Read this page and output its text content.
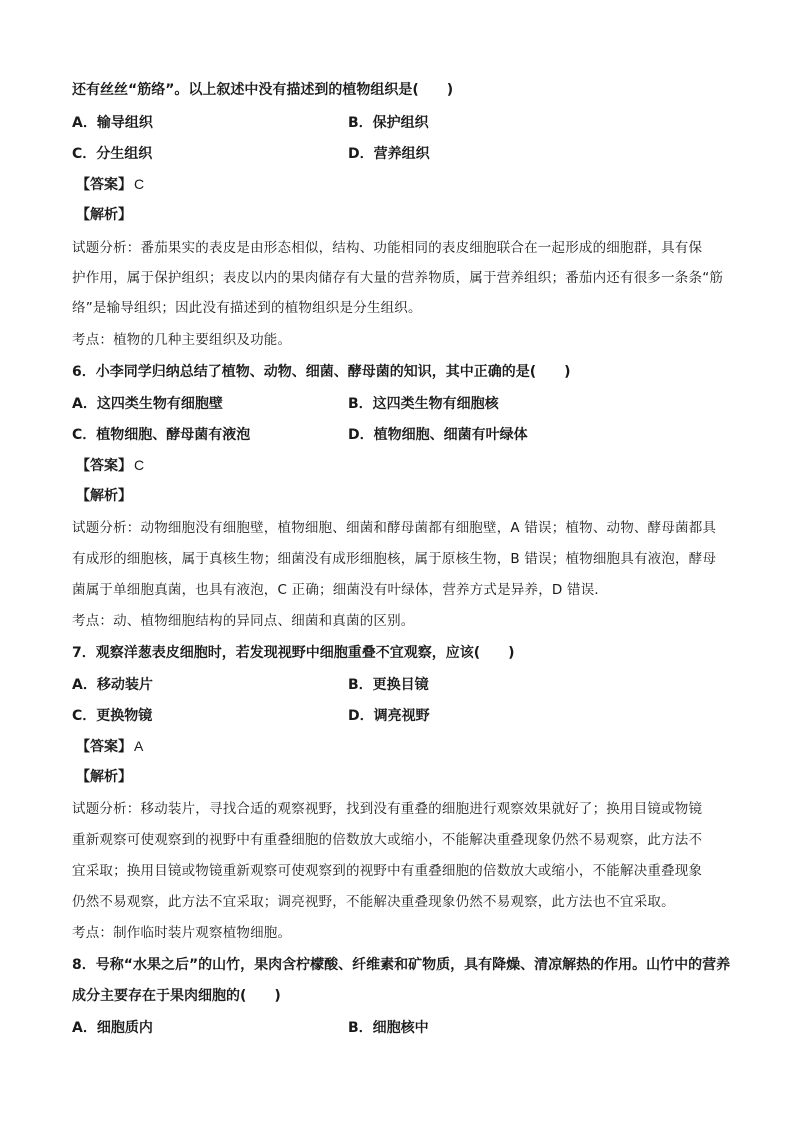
还有丝丝“筋络”。以上叙述中没有描述到的植物组织是(　　)
A．输导组织	B．保护组织
C．分生组织	D．营养组织
【答案】 C
【解析】
试题分析：番茄果实的表皮是由形态相似，结构、功能相同的表皮细胞联合在一起形成的细胞群，具有保
护作用，属于保护组织；表皮以内的果肉储存有大量的营养物质，属于营养组织；番茄内还有很多一条条“筋
络”是输导组织；因此没有描述到的植物组织是分生组织。
考点：植物的几种主要组织及功能。
6．小李同学归纳总结了植物、动物、细菌、酵母菌的知识，其中正确的是(　　)
A．这四类生物有细胞壁	B．这四类生物有细胞核
C．植物细胞、酵母菌有液泡	D．植物细胞、细菌有叶绿体
【答案】 C
【解析】
试题分析：动物细胞没有细胞壁，植物细胞、细菌和酵母菌都有细胞壁，A 错误；植物、动物、酵母菌都具
有成形的细胞核，属于真核生物；细菌没有成形细胞核，属于原核生物，B 错误；植物细胞具有液泡，酵母
菌属于单细胞真菌，也具有液泡，C 正确；细菌没有叶绿体，营养方式是异养，D 错误．
考点：动、植物细胞结构的异同点、细菌和真菌的区别。
7．观察洋葱表皮细胞时，若发现视野中细胞重叠不宜观察，应该(　　)
A．移动装片	B．更换目镜
C．更换物镜	D．调亮视野
【答案】 A
【解析】
试题分析：移动装片，寻找合适的观察视野，找到没有重叠的细胞进行观察效果就好了；换用目镜或物镜
重新观察可使观察到的视野中有重叠细胞的倍数放大或缩小，不能解决重叠现象仍然不易观察，此方法不
宜采取；换用目镜或物镜重新观察可使观察到的视野中有重叠细胞的倍数放大或缩小，不能解决重叠现象
仍然不易观察，此方法不宜采取；调亮视野，不能解决重叠现象仍然不易观察，此方法也不宜采取。
考点：制作临时装片观察植物细胞。
8．号称“水果之后”的山竹，果肉含柠檬酸、纤维素和矿物质，具有降燥、清凉解热的作用。山竹中的营养
成分主要存在于果肉细胞的(　　)
A．细胞质内	B．细胞核中
